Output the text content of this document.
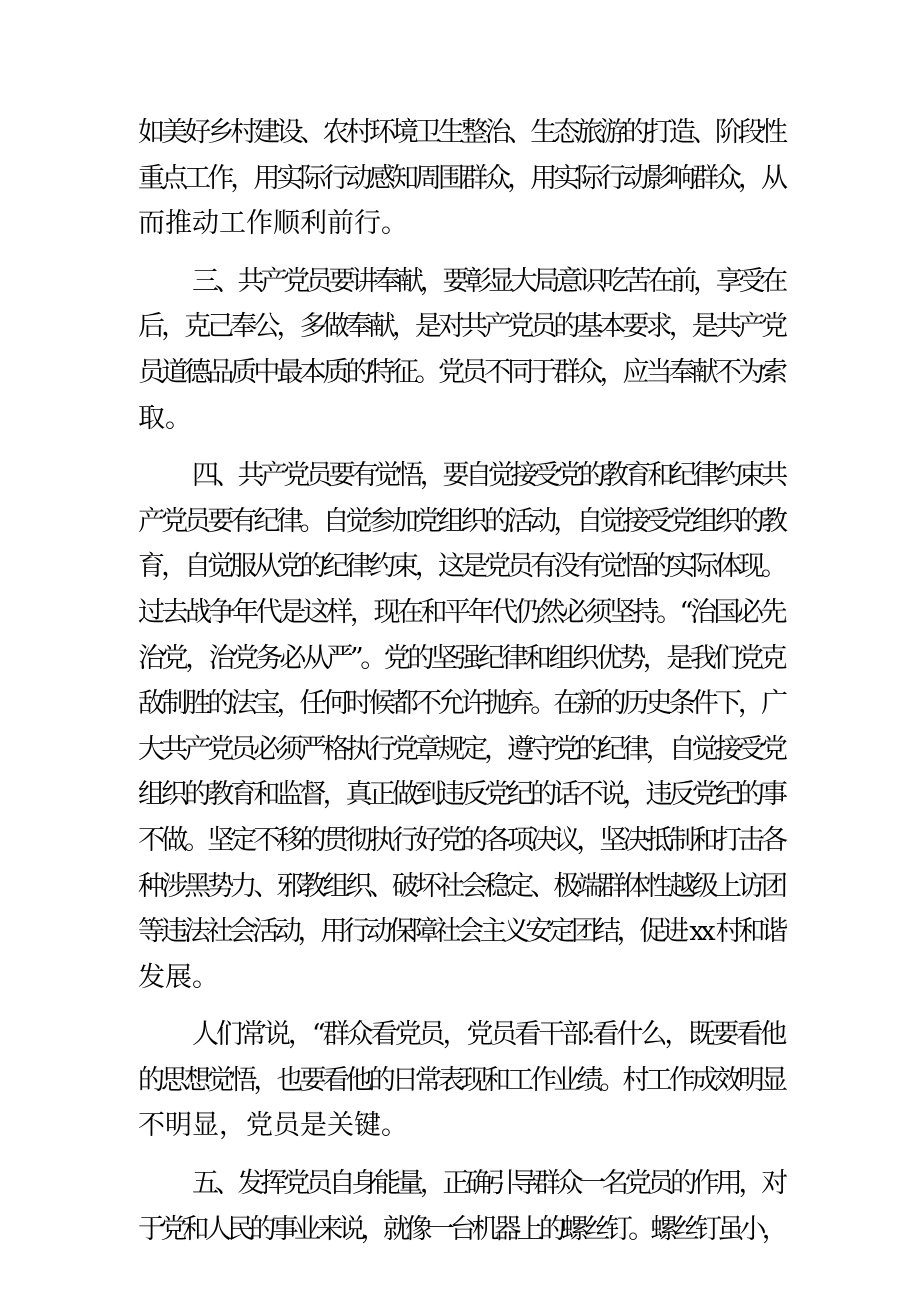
如美好乡村建设、农村环境卫生整治、生态旅游的打造、阶段性
重点工作，用实际行动感知周围群众，用实际行动影响群众，从
而推动工作顺利前行。
三、共产党员要讲奉献，要彰显大局意识吃苦在前，享受在
后，克己奉公，多做奉献，是对共产党员的基本要求，是共产党
员道德品质中最本质的特征。党员不同于群众，应当奉献不为索
取。
四、共产党员要有觉悟，要自觉接受党的教育和纪律约束共
产党员要有纪律。自觉参加党组织的活动，自觉接受党组织的教
育，自觉服从党的纪律约束，这是党员有没有觉悟的实际体现。
过去战争年代是这样，现在和平年代仍然必须坚持。“治国必先
治党，治党务必从严”。党的坚强纪律和组织优势，是我们党克
敌制胜的法宝，任何时候都不允许抛弃。在新的历史条件下，广
大共产党员必须严格执行党章规定，遵守党的纪律，自觉接受党
组织的教育和监督，真正做到违反党纪的话不说，违反党纪的事
不做。坚定不移的贯彻执行好党的各项决议，坚决抵制和打击各
种涉黑势力、邪教组织、破坏社会稳定、极端群体性越级上访团
等违法社会活动，用行动保障社会主义安定团结，促进 xx 村和谐
发展。
人们常说，“群众看党员，党员看干部:看什么，既要看他
的思想觉悟，也要看他的日常表现和工作业绩。村工作成效明显
不明显，党员是关键。
五、发挥党员自身能量，正确引导群众一名党员的作用，对
于党和人民的事业来说，就像一台机器上的螺丝钉。螺丝钉虽小，
